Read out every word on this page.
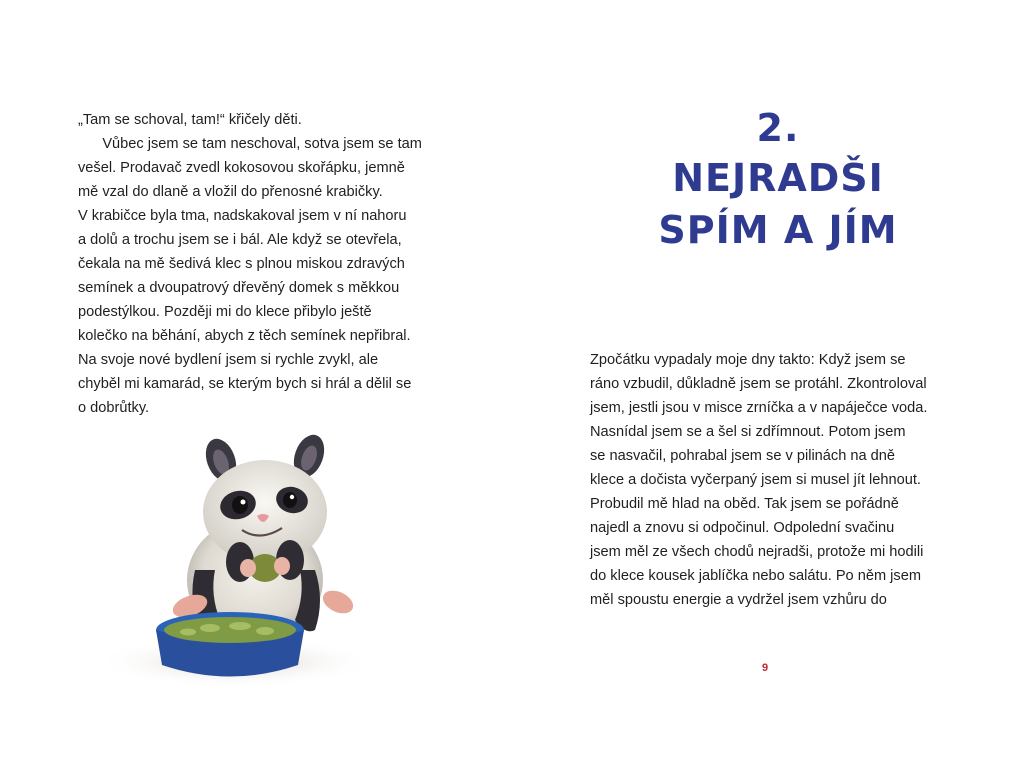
„Tam se schoval, tam!“ křičely děti.
Vůbec jsem se tam neschoval, sotva jsem se tam
vešel. Prodavač zvedl kokosovou skořápku, jemně
mě vzal do dlaně a vložil do přenosné krabičky.
V krabičce byla tma, nadskakoval jsem v ní nahoru
a dolů a trochu jsem se i bál. Ale když se otevřela,
čekala na mě šedivá klec s plnou miskou zdravých
semínek a dvoupatrový dřevěný domek s měkkou
podestýlkou. Později mi do klece přibylo ještě
kolečko na běhání, abych z těch semínek nepřibral.
Na svoje nové bydlení jsem si rychle zvykl, ale
chyběl mi kamarád, se kterým bych si hrál a dělil se
o dobrůtky.
2.
NEJRADŠI
SPÍM A JÍM
Zpočátku vypadaly moje dny takto: Když jsem se
ráno vzbudil, důkladně jsem se protáhl. Zkontroloval
jsem, jestli jsou v misce zrníčka a v napáječce voda.
Nasnídal jsem se a šel si zdřímnout. Potom jsem
se nasvačil, pohrabal jsem se v pilinách na dně
klece a dočista vyčerpaný jsem si musel jít lehnout.
Probudil mě hlad na oběd. Tak jsem se pořádně
najedl a znovu si odpočinul. Odpolední svačinu
jsem měl ze všech chodů nejradši, protože mi hodili
do klece kousek jablíčka nebo salátu. Po něm jsem
měl spoustu energie a vydržel jsem vzhůru do
9
